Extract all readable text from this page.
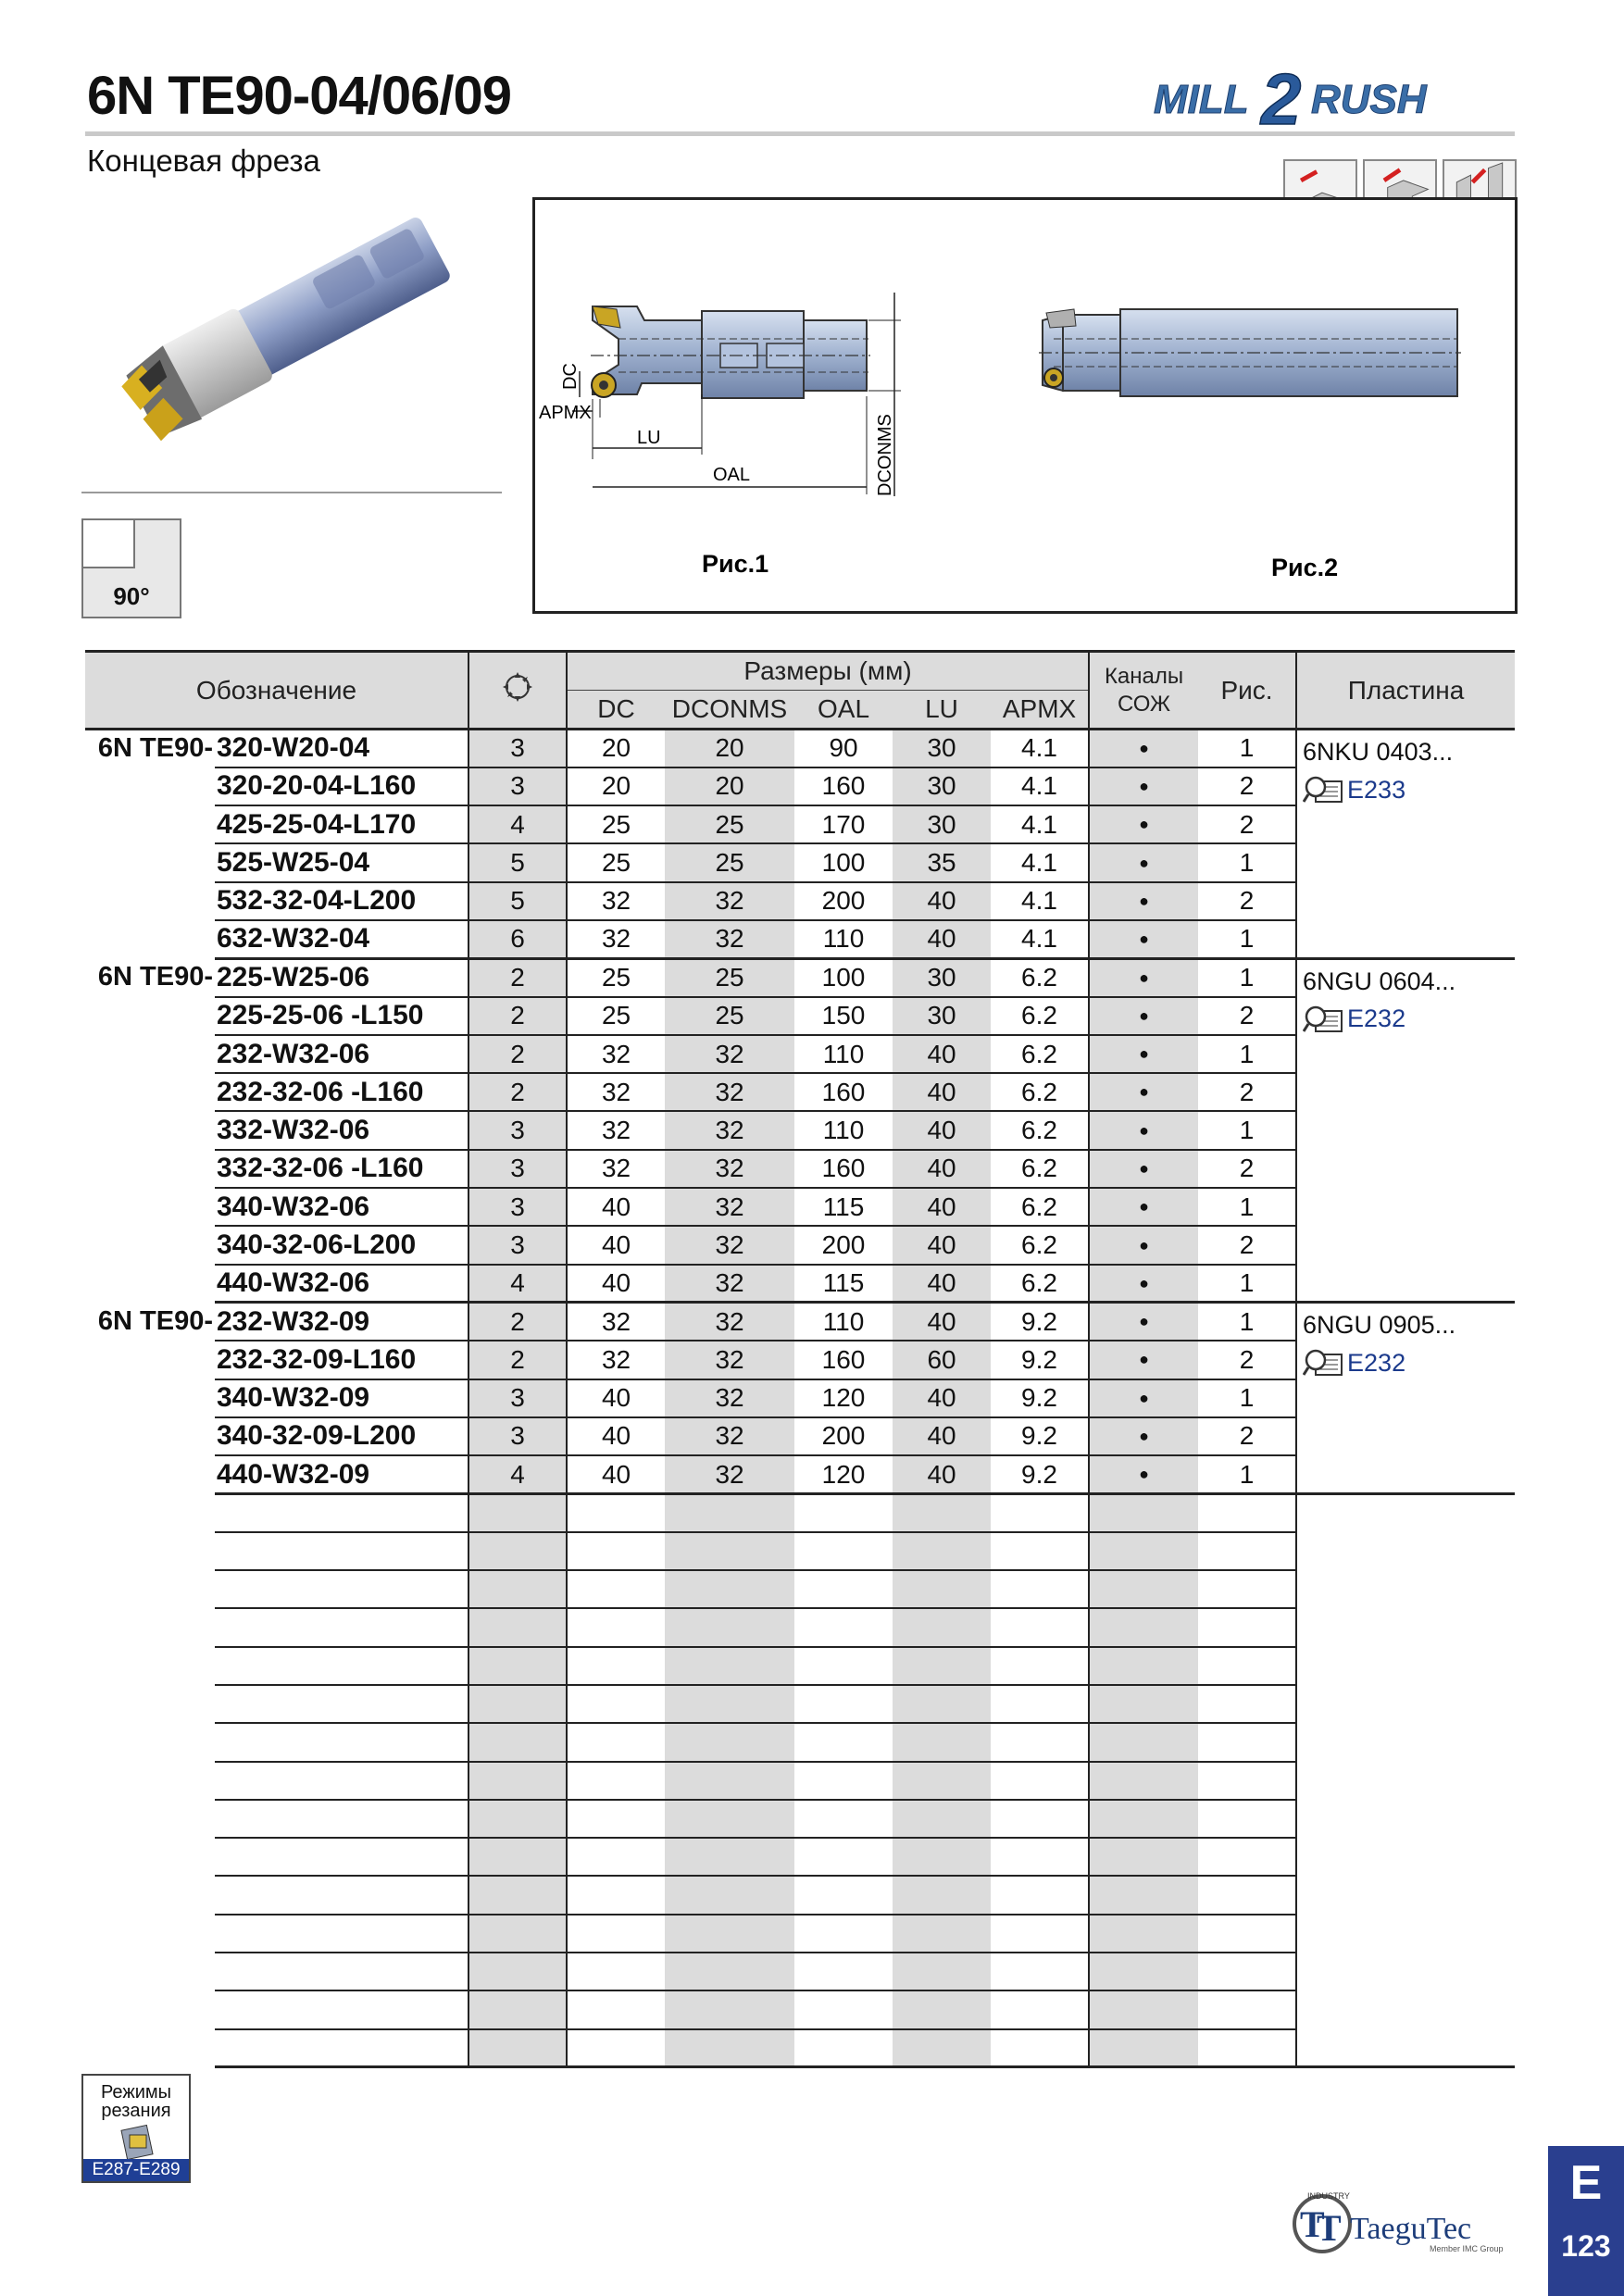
6N TE90-04/06/09
Концевая фреза
MILL 2 RUSH
90°
DC
APMX
LU
OAL	DCONMS
Рис.1	Рис.2
Обозначение			Размеры (мм)					Каналы СОЖ	Рис.	Пластина
			DC	DCONMS	OAL	LU	APMX			
6N TE90-	320-W20-04	3	20	20	90	30	4.1	●	1	6NKU 0403...
E233

	320-20-04-L160	3	20	20	160	30	4.1	●	2	
	425-25-04-L170	4	25	25	170	30	4.1	●	2	
	525-W25-04	5	25	25	100	35	4.1	●	1	
	532-32-04-L200	5	32	32	200	40	4.1	●	2	
	632-W32-04	6	32	32	110	40	4.1	●	1	
6N TE90-	225-W25-06	2	25	25	100	30	6.2	●	1	6NGU 0604...
E232

	225-25-06 -L150	2	25	25	150	30	6.2	●	2	
	232-W32-06	2	32	32	110	40	6.2	●	1	
	232-32-06 -L160	2	32	32	160	40	6.2	●	2	
	332-W32-06	3	32	32	110	40	6.2	●	1	
	332-32-06 -L160	3	32	32	160	40	6.2	●	2	
	340-W32-06	3	40	32	115	40	6.2	●	1	
	340-32-06-L200	3	40	32	200	40	6.2	●	2	
	440-W32-06	4	40	32	115	40	6.2	●	1	
6N TE90-	232-W32-09	2	32	32	110	40	9.2	●	1	6NGU 0905...
E232

	232-32-09-L160	2	32	32	160	60	9.2	●	2	
	340-W32-09	3	40	32	120	40	9.2	●	1	
	340-32-09-L200	3	40	32	200	40	9.2	●	2	
	440-W32-09	4	40	32	120	40	9.2	●	1	

Режимы резания
E287-E289
T
T
INDUSTRY
TaeguTec
Member IMC Group
E
123
